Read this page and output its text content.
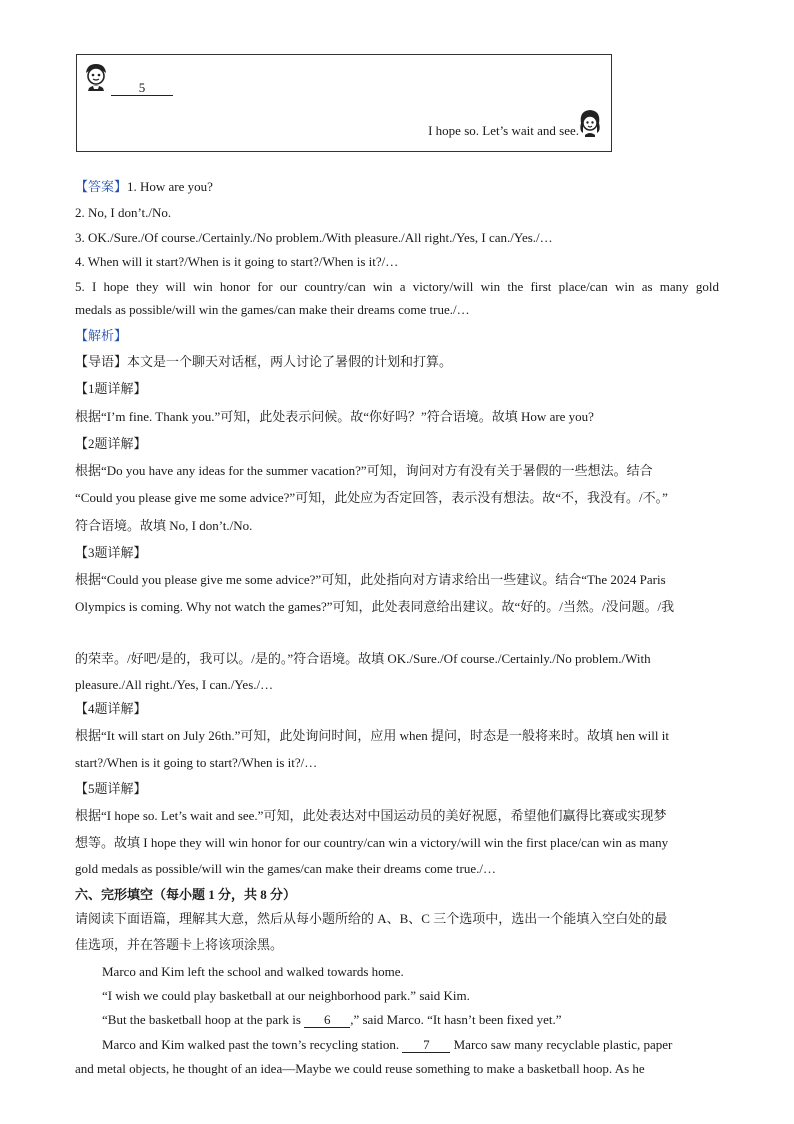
5
I hope so. Let’s wait and see.
【答案】1. How are you?
2. No, I don’t./No.
3. OK./Sure./Of course./Certainly./No problem./With pleasure./All right./Yes, I can./Yes./…
4. When will it start?/When is it going to start?/When is it?/…
5. I hope they will win honor for our country/can win a victory/will win the first place/can win as many gold
medals as possible/will win the games/can make their dreams come true./…
【解析】
【导语】本文是一个聊天对话框，两人讨论了暑假的计划和打算。
【1题详解】
根据“I’m fine. Thank you.”可知，此处表示问候。故“你好吗？”符合语境。故填 How are you?
【2题详解】
根据“Do you have any ideas for the summer vacation?”可知，询问对方有没有关于暑假的一些想法。结合
“Could you please give me some advice?”可知，此处应为否定回答，表示没有想法。故“不，我没有。/不。”
符合语境。故填 No, I don’t./No.
【3题详解】
根据“Could you please give me some advice?”可知，此处指向对方请求给出一些建议。结合“The 2024 Paris
Olympics is coming. Why not watch the games?”可知，此处表同意给出建议。故“好的。/当然。/没问题。/我
的荣幸。/好吧/是的，我可以。/是的。”符合语境。故填 OK./Sure./Of course./Certainly./No problem./With
pleasure./All right./Yes, I can./Yes./…
【4题详解】
根据“It will start on July 26th.”可知，此处询问时间，应用 when 提问，时态是一般将来时。故填 hen will it
start?/When is it going to start?/When is it?/…
【5题详解】
根据“I hope so. Let’s wait and see.”可知，此处表达对中国运动员的美好祝愿，希望他们赢得比赛或实现梦
想等。故填 I hope they will win honor for our country/can win a victory/will win the first place/can win as many
gold medals as possible/will win the games/can make their dreams come true./…
六、完形填空（每小题 1 分，共 8 分）
请阅读下面语篇，理解其大意，然后从每小题所给的 A、B、C 三个选项中，选出一个能填入空白处的最
佳选项，并在答题卡上将该项涂黑。
Marco and Kim left the school and walked towards home.
“I wish we could play basketball at our neighborhood park.” said Kim.
“But the basketball hoop at the park is 6 ,” said Marco. “It hasn’t been fixed yet.”
Marco and Kim walked past the town’s recycling station. 7 Marco saw many recyclable plastic, paper
and metal objects, he thought of an idea—Maybe we could reuse something to make a basketball hoop. As he
